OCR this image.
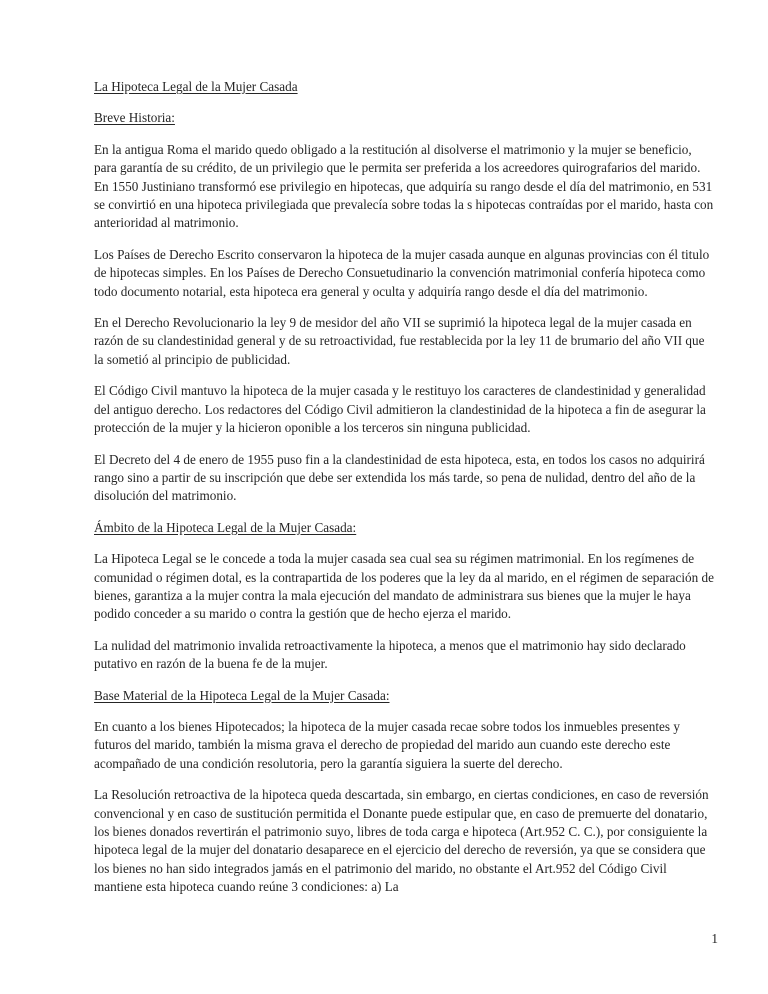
La Hipoteca Legal de la Mujer Casada

Breve Historia:

En la antigua Roma el marido quedo obligado a la restitución al disolverse el matrimonio y la mujer se beneficio, para garantía de su crédito, de un privilegio que le permita ser preferida a los acreedores quirografarios del marido. En 1550 Justiniano transformó ese privilegio en hipotecas, que adquiría su rango desde el día del matrimonio, en 531 se convirtió en una hipoteca privilegiada que prevalecía sobre todas la s hipotecas contraídas por el marido, hasta con anterioridad al matrimonio.

Los Países de Derecho Escrito conservaron la hipoteca de la mujer casada aunque en algunas provincias con él titulo de hipotecas simples. En los Países de Derecho Consuetudinario la convención matrimonial confería hipoteca como todo documento notarial, esta hipoteca era general y oculta y adquiría rango desde el día del matrimonio.

En el Derecho Revolucionario la ley 9 de mesidor del año VII se suprimió la hipoteca legal de la mujer casada en razón de su clandestinidad general y de su retroactividad, fue restablecida por la ley 11 de brumario del año VII que la sometió al principio de publicidad.

El Código Civil mantuvo la hipoteca de la mujer casada y le restituyo los caracteres de clandestinidad y generalidad del antiguo derecho. Los redactores del Código Civil admitieron la clandestinidad de la hipoteca a fin de asegurar la protección de la mujer y la hicieron oponible a los terceros sin ninguna publicidad.

El Decreto del 4 de enero de 1955 puso fin a la clandestinidad de esta hipoteca, esta, en todos los casos no adquirirá rango sino a partir de su inscripción que debe ser extendida los más tarde, so pena de nulidad, dentro del año de la disolución del matrimonio.

Ámbito de la Hipoteca Legal de la Mujer Casada:

La Hipoteca Legal se le concede a toda la mujer casada sea cual sea su régimen matrimonial. En los regímenes de comunidad o régimen dotal, es la contrapartida de los poderes que la ley da al marido, en el régimen de separación de bienes, garantiza a la mujer contra la mala ejecución del mandato de administrara sus bienes que la mujer le haya podido conceder a su marido o contra la gestión que de hecho ejerza el marido.

La nulidad del matrimonio invalida retroactivamente la hipoteca, a menos que el matrimonio hay sido declarado putativo en razón de la buena fe de la mujer.

Base Material de la Hipoteca Legal de la Mujer Casada:

En cuanto a los bienes Hipotecados; la hipoteca de la mujer casada recae sobre todos los inmuebles presentes y futuros del marido, también la misma grava el derecho de propiedad del marido aun cuando este derecho este acompañado de una condición resolutoria, pero la garantía siguiera la suerte del derecho.

La Resolución retroactiva de la hipoteca queda descartada, sin embargo, en ciertas condiciones, en caso de reversión convencional y en caso de sustitución permitida el Donante puede estipular que, en caso de premuerte del donatario, los bienes donados revertirán el patrimonio suyo, libres de toda carga e hipoteca (Art.952 C. C.), por consiguiente la hipoteca legal de la mujer del donatario desaparece en el ejercicio del derecho de reversión, ya que se considera que los bienes no han sido integrados jamás en el patrimonio del marido, no obstante el Art.952 del Código Civil mantiene esta hipoteca cuando reúne 3 condiciones: a) La

1
